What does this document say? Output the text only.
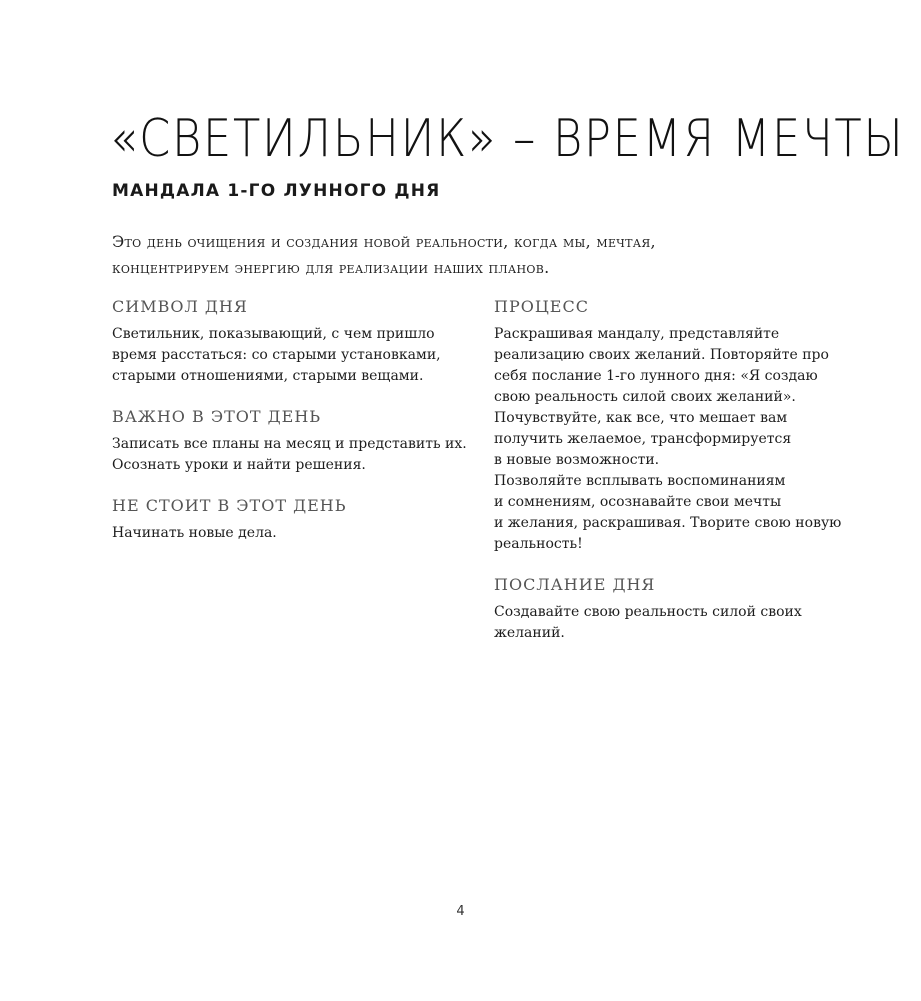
«СВЕТИЛЬНИК» – ВРЕМЯ МЕЧТЫ
МАНДАЛА 1-ГО ЛУННОГО ДНЯ
Это день очищения и создания новой реальности, когда мы, мечтая, концентрируем энергию для реализации наших планов.
СИМВОЛ ДНЯ
Светильник, показывающий, с чем пришло
время расстаться: со старыми установками,
старыми отношениями, старыми вещами.
ВАЖНО В ЭТОТ ДЕНЬ
Записать все планы на месяц и представить их.
Осознать уроки и найти решения.
НЕ СТОИТ В ЭТОТ ДЕНЬ
Начинать новые дела.
ПРОЦЕСС
Раскрашивая мандалу, представляйте
реализацию своих желаний. Повторяйте про
себя послание 1-го лунного дня: «Я создаю
свою реальность силой своих желаний».
Почувствуйте, как все, что мешает вам
получить желаемое, трансформируется
в новые возможности.
Позволяйте всплывать воспоминаниям
и сомнениям, осознавайте свои мечты
и желания, раскрашивая. Творите свою новую
реальность!
ПОСЛАНИЕ ДНЯ
Создавайте свою реальность силой своих
желаний.
4
